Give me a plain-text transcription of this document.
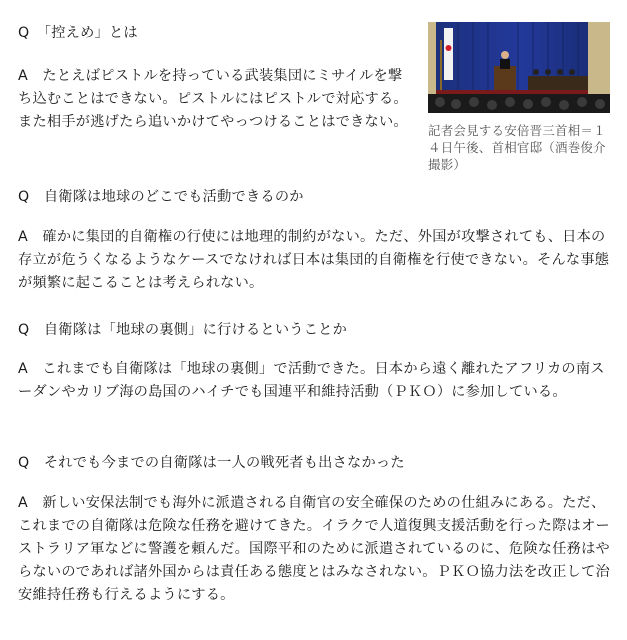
Q　「控えめ」とは

記者会見する安倍晋三首相＝１４日午後、首相官邸（酒巻俊介撮影）

A　たとえばピストルを持っている武装集団にミサイルを撃ち込むことはできない。ピストルにはピストルで対応する。また相手が逃げたら追いかけてやっつけることはできない。

Q　自衛隊は地球のどこでも活動できるのか

A　確かに集団的自衛権の行使には地理的制約がない。ただ、外国が攻撃されても、日本の存立が危うくなるようなケースでなければ日本は集団的自衛権を行使できない。そんな事態が頻繁に起こることは考えられない。

Q　自衛隊は「地球の裏側」に行けるということか

A　これまでも自衛隊は「地球の裏側」で活動できた。日本から遠く離れたアフリカの南スーダンやカリブ海の島国のハイチでも国連平和維持活動（ＰＫＯ）に参加している。

Q　それでも今までの自衛隊は一人の戦死者も出さなかった

A　新しい安保法制でも海外に派遣される自衛官の安全確保のための仕組みにある。ただ、これまでの自衛隊は危険な任務を避けてきた。イラクで人道復興支援活動を行った際はオーストラリア軍などに警護を頼んだ。国際平和のために派遣されているのに、危険な任務はやらないのであれば諸外国からは責任ある態度とはみなされない。ＰＫＯ協力法を改正して治安維持任務も行えるようにする。
